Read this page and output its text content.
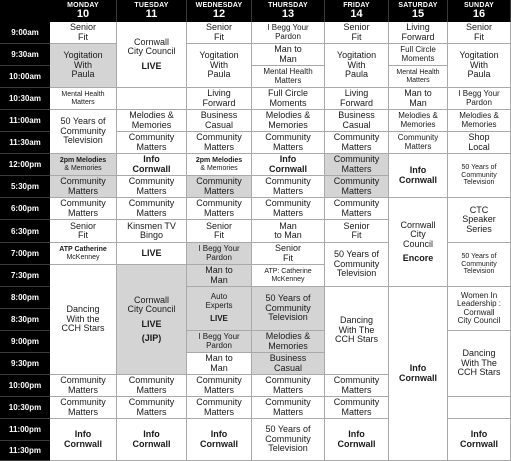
MONDAY
10
TUESDAY
11
WEDNESDAY
12
THURSDAY
13
FRIDAY
14
SATURDAY
15
SUNDAY
16
9:00am
9:30am
10:00am
10:30am
11:00am
11:30am
12:00pm
5:30pm
6:00pm
6:30pm
7:00pm
7:30pm
8:00pm
8:30pm
9:00pm
9:30pm
10:00pm
10:30pm
11:00pm
11:30pm
Senior
Fit
Yogitation
With
Paula
Mental Health
Matters
50 Years of
Community
Television
2pm Melodies
& Memories
Community
Matters
Community
Matters
Senior
Fit
ATP Catherine
McKenney
Dancing
With the
CCH Stars
Community
Matters
Community
Matters
Info
Cornwall
Cornwall
City Council
LIVE
Melodies &
Memories
Community
Matters
Info
Cornwall
Community
Matters
Community
Matters
Kinsmen TV
Bingo
LIVE
Cornwall
City Council
LIVE
(JIP)
Community
Matters
Community
Matters
Info
Cornwall
Senior
Fit
Yogitation
With
Paula
Living
Forward
Business
Casual
Community
Matters
2pm Melodies
& Memories
Community
Matters
Community
Matters
Senior
Fit
I Begg Your
Pardon
Man to
Man
Auto
Experts
LIVE
I Begg Your
Pardon
Man to
Man
Community
Matters
Community
Matters
Info
Cornwall
I Begg Your
Pardon
Man to
Man
Mental Health
Matters
Full Circle
Moments
Melodies &
Memories
Community
Matters
Info
Cornwall
Community
Matters
Community
Matters
Man
to Man
Senior
Fit
ATP: Catherine
McKenney
50 Years of
Community
Television
Melodies &
Memories
Business
Casual
Community
Matters
Community
Matters
50 Years of
Community
Television
Senior
Fit
Yogitation
With
Paula
Living
Forward
Business
Casual
Community
Matters
Community
Matters
Community
Matters
Community
Matters
Senior
Fit
50 Years of
Community
Television
Dancing
With The
CCH Stars
Community
Matters
Community
Matters
Info
Cornwall
Living
Forward
Full Circle
Moments
Mental Health
Matters
Man to
Man
Melodies &
Memories
Community
Matters
Info
Cornwall
Cornwall
City
Council
Encore
Info
Cornwall
Senior
Fit
Yogitation
With
Paula
I Begg Your
Pardon
Melodies &
Memories
Shop
Local
50 Years of
Community
Television
CTC
Speaker
Series
50 Years of
Community
Television
Women In
Leadership :
Cornwall
City Council
Dancing
With The
CCH Stars
Info
Cornwall
